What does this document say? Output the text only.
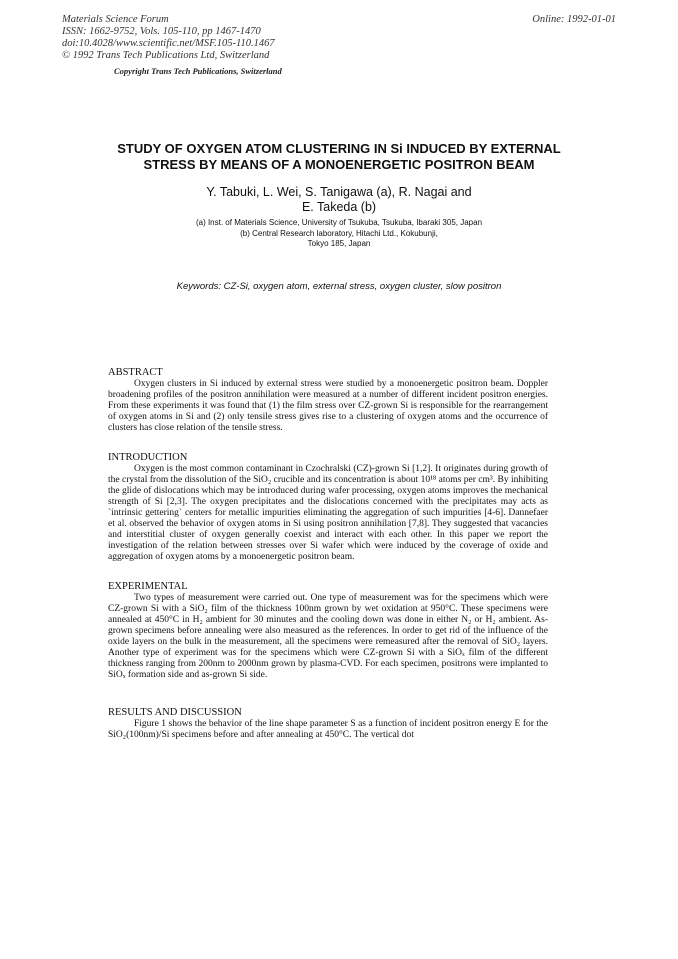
Materials Science Forum
ISSN: 1662-9752, Vols. 105-110, pp 1467-1470
doi:10.4028/www.scientific.net/MSF.105-110.1467
© 1992 Trans Tech Publications Ltd, Switzerland
Online: 1992-01-01
Copyright Trans Tech Publications, Switzerland
STUDY OF OXYGEN ATOM CLUSTERING IN Si INDUCED BY EXTERNAL
STRESS BY MEANS OF A MONOENERGETIC POSITRON BEAM
Y. Tabuki, L. Wei, S. Tanigawa (a), R. Nagai and
E. Takeda (b)
(a) Inst. of Materials Science, University of Tsukuba, Tsukuba, Ibaraki 305, Japan
(b) Central Research laboratory, Hitachi Ltd., Kokubunji,
Tokyo 185, Japan
Keywords: CZ-Si, oxygen atom, external stress, oxygen cluster, slow positron
ABSTRACT
Oxygen clusters in Si induced by external stress were studied by a monoenergetic positron beam. Doppler broadening profiles of the positron annihilation were measured at a number of different incident positron energies. From these experiments it was found that (1) the film stress over CZ-grown Si is responsible for the rearrangement of oxygen atoms in Si and (2) only tensile stress gives rise to a clustering of oxygen atoms and the occurrence of clusters has close relation of the tensile stress.
INTRODUCTION
Oxygen is the most common contaminant in Czochralski (CZ)-grown Si [1,2]. It originates during growth of the crystal from the dissolution of the SiO₂ crucible and its concentration is about 10¹⁸ atoms per cm³. By inhibiting the glide of dislocations which may be introduced during wafer processing, oxygen atoms improves the mechanical strength of Si [2,3]. The oxygen precipitates and the dislocations concerned with the precipitates may acts as `intrinsic gettering` centers for metallic impurities eliminating the aggregation of such impurities [4-6]. Dannefaer et al. observed the behavior of oxygen atoms in Si using positron annihilation [7,8]. They suggested that vacancies and interstitial cluster of oxygen generally coexist and interact with each other. In this paper we report the investigation of the relation between stresses over Si wafer which were induced by the coverage of oxide and aggregation of oxygen atoms by a monoenergetic positron beam.
EXPERIMENTAL
Two types of measurement were carried out. One type of measurement was for the specimens which were CZ-grown Si with a SiO₂ film of the thickness 100nm grown by wet oxidation at 950°C. These specimens were annealed at 450°C in H₂ ambient for 30 minutes and the cooling down was done in either N₂ or H₂ ambient. As-grown specimens before annealing were also measured as the references. In order to get rid of the influence of the oxide layers on the bulk in the measurement, all the specimens were remeasured after the removal of SiO₂ layers. Another type of experiment was for the specimens which were CZ-grown Si with a SiOₓ film of the different thickness ranging from 200nm to 2000nm grown by plasma-CVD. For each specimen, positrons were implanted to SiOₓ formation side and as-grown Si side.
RESULTS AND DISCUSSION
Figure 1 shows the behavior of the line shape parameter S as a function of incident positron energy E for the SiO₂(100nm)/Si specimens before and after annealing at 450°C. The vertical dot
